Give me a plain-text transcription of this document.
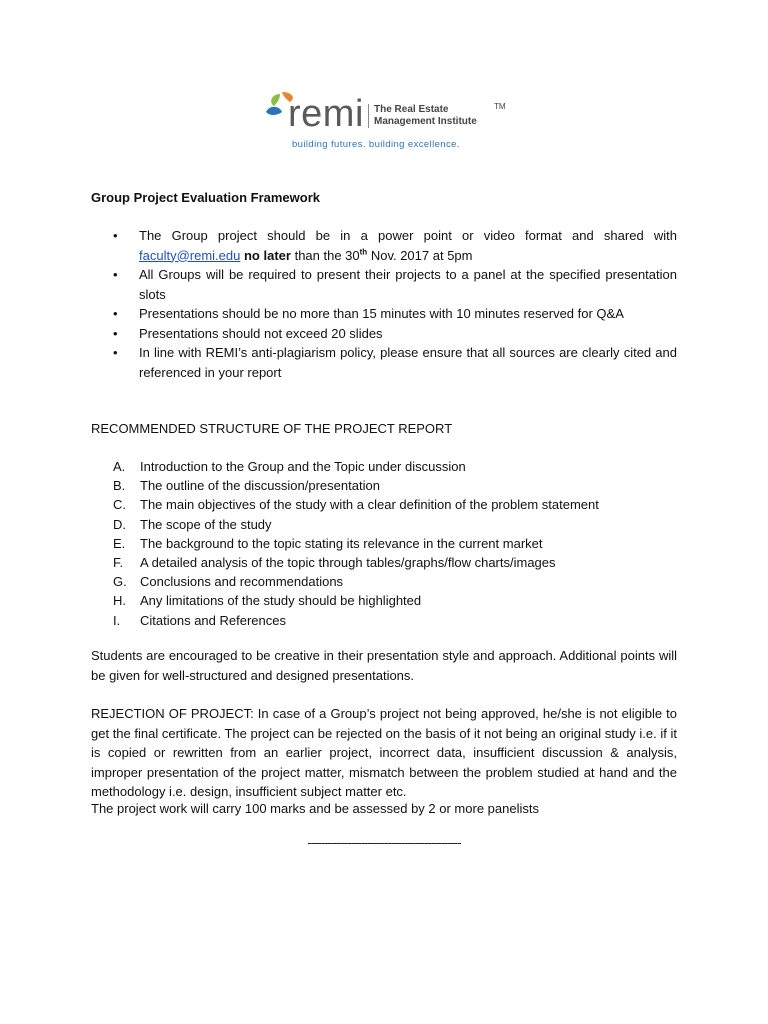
remi The Real Estate
Management Institute
TM
building futures. building excellence.
Group Project Evaluation Framework
• The Group project should be in a power point or video format and shared with faculty@remi.edu no later than the 30th Nov. 2017 at 5pm
• All Groups will be required to present their projects to a panel at the specified presentation slots
• Presentations should be no more than 15 minutes with 10 minutes reserved for Q&A
• Presentations should not exceed 20 slides
• In line with REMI’s anti-plagiarism policy, please ensure that all sources are clearly cited and referenced in your report
RECOMMENDED STRUCTURE OF THE PROJECT REPORT
A. Introduction to the Group and the Topic under discussion
B. The outline of the discussion/presentation
C. The main objectives of the study with a clear definition of the problem statement
D. The scope of the study
E. The background to the topic stating its relevance in the current market
F. A detailed analysis of the topic through tables/graphs/flow charts/images
G. Conclusions and recommendations
H. Any limitations of the study should be highlighted
I. Citations and References
Students are encouraged to be creative in their presentation style and approach. Additional points will be given for well-structured and designed presentations.
REJECTION OF PROJECT: In case of a Group’s project not being approved, he/she is not eligible to get the final certificate. The project can be rejected on the basis of it not being an original study i.e. if it is copied or rewritten from an earlier project, incorrect data, insufficient discussion & analysis, improper presentation of the project matter, mismatch between the problem studied at hand and the methodology i.e. design, insufficient subject matter etc.
The project work will carry 100 marks and be assessed by 2 or more panelists
----------------------------------------------
